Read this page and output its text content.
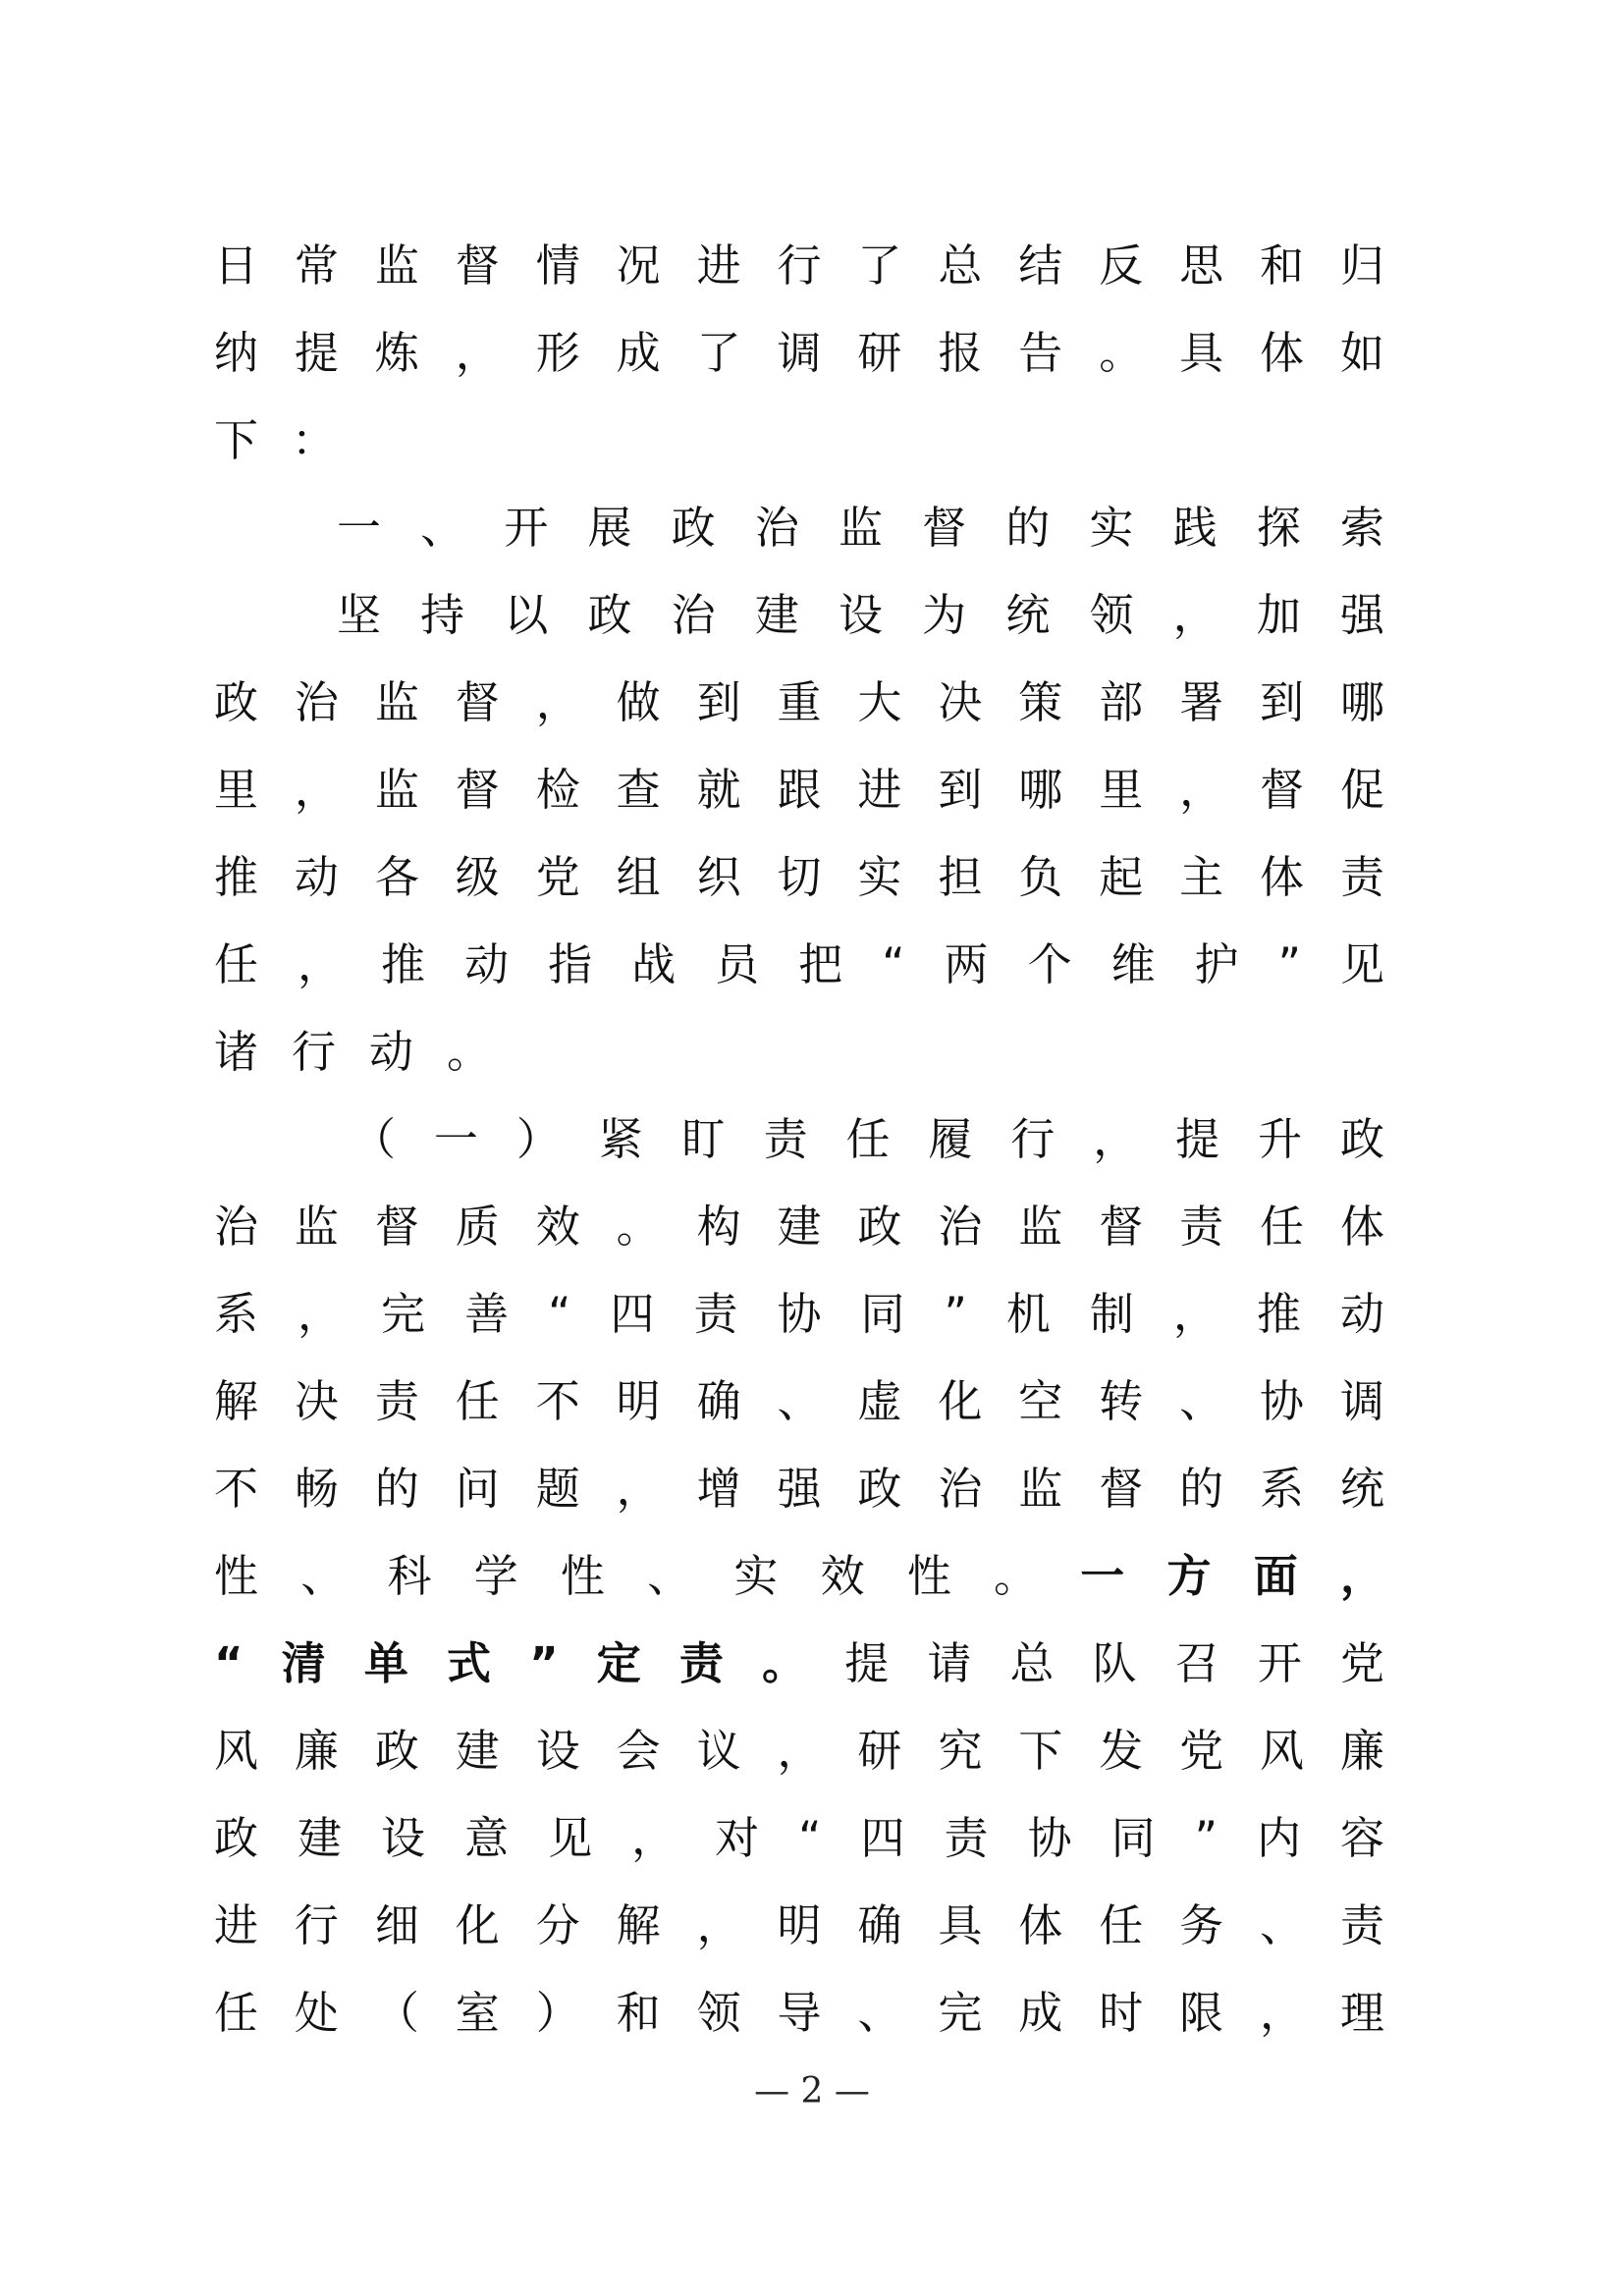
日常监督情况进行了总结反思和归
纳提炼，形成了调研报告。具体如
下：
一、开展政治监督的实践探索
坚持以政治建设为统领，加强
政治监督，做到重大决策部署到哪
里，监督检查就跟进到哪里，督促
推动各级党组织切实担负起主体责
任，推动指战员把“两个维护”见
诸行动。
（一）紧盯责任履行，提升政
治监督质效。构建政治监督责任体
系，完善“四责协同”机制，推动
解决责任不明确、虚化空转、协调
不畅的问题，增强政治监督的系统
性、科学性、实效性。一方面，
“清单式”定责。提请总队召开党
风廉政建设会议，研究下发党风廉
政建设意见，对“四责协同”内容
进行细化分解，明确具体任务、责
任处（室）和领导、完成时限，理
— 2 —
